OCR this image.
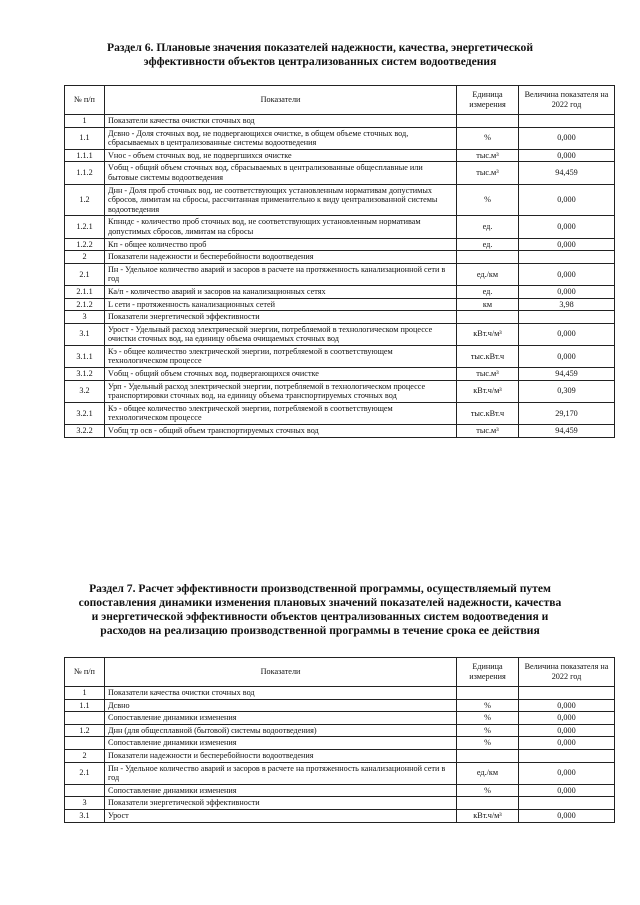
Раздел 6. Плановые значения показателей надежности, качества, энергетической
эффективности объектов централизованных систем водоотведения
№ п/п	Показатели	Единица измерения	Величина показателя на 2022 год
1	Показатели качества очистки сточных вод		
1.1	Дсвно - Доля сточных вод, не подвергающихся очистке, в общем объеме сточных вод, сбрасываемых в централизованные системы водоотведения	%	0,000
1.1.1	Vнос - объем сточных вод, не подвергшихся очистке	тыс.м³	0,000
1.1.2	Vобщ - общий объем сточных вод, сбрасываемых в централизованные общесплавные или бытовые системы водоотведения	тыс.м³	94,459
1.2	Днн - Доля проб сточных вод, не соответствующих установленным нормативам допустимых сбросов, лимитам на сбросы, рассчитанная применительно к виду централизованной системы водоотведения	%	0,000
1.2.1	Кпнндс - количество проб сточных вод, не соответствующих установленным нормативам допустимых сбросов, лимитам на сбросы	ед.	0,000
1.2.2	Кп - общее количество проб	ед.	0,000
2	Показатели надежности и бесперебойности водоотведения		
2.1	Пн - Удельное количество аварий и засоров в расчете на протяженность канализационной сети в год	ед./км	0,000
2.1.1	Ка/п - количество аварий и засоров на канализационных сетях	ед.	0,000
2.1.2	L сети - протяженность канализационных сетей	км	3,98
3	Показатели энергетической эффективности		
3.1	Урост - Удельный расход электрической энергии, потребляемой в технологическом процессе очистки сточных вод, на единицу объема очищаемых сточных вод	кВт.ч/м³	0,000
3.1.1	Кэ - общее количество электрической энергии, потребляемой в соответствующем технологическом процессе	тыс.кВт.ч	0,000
3.1.2	Vобщ - общий объем сточных вод, подвергающихся очистке	тыс.м³	94,459
3.2	Урп - Удельный расход электрической энергии, потребляемой в технологическом процессе транспортировки сточных вод, на единицу объема транспортируемых сточных вод	кВт.ч/м³	0,309
3.2.1	Кэ - общее количество электрической энергии, потребляемой в соответствующем технологическом процессе	тыс.кВт.ч	29,170
3.2.2	Vобщ тр осв - общий объем транспортируемых сточных вод	тыс.м³	94,459
Раздел 7. Расчет эффективности производственной программы, осуществляемый путем
сопоставления динамики изменения плановых значений показателей надежности, качества
и энергетической эффективности объектов централизованных систем водоотведения и
расходов на реализацию производственной программы в течение срока ее действия
№ п/п	Показатели	Единица измерения	Величина показателя на 2022 год
1	Показатели качества очистки сточных вод		
1.1	Дсвно	%	0,000
	Сопоставление динамики изменения	%	0,000
1.2	Днн (для общесплавной (бытовой) системы водоотведения)	%	0,000
	Сопоставление динамики изменения	%	0,000
2	Показатели надежности и бесперебойности водоотведения		
2.1	Пн - Удельное количество аварий и засоров в расчете на протяженность канализационной сети в год	ед./км	0,000
	Сопоставление динамики изменения	%	0,000
3	Показатели энергетической эффективности		
3.1	Урост	кВт.ч/м³	0,000
